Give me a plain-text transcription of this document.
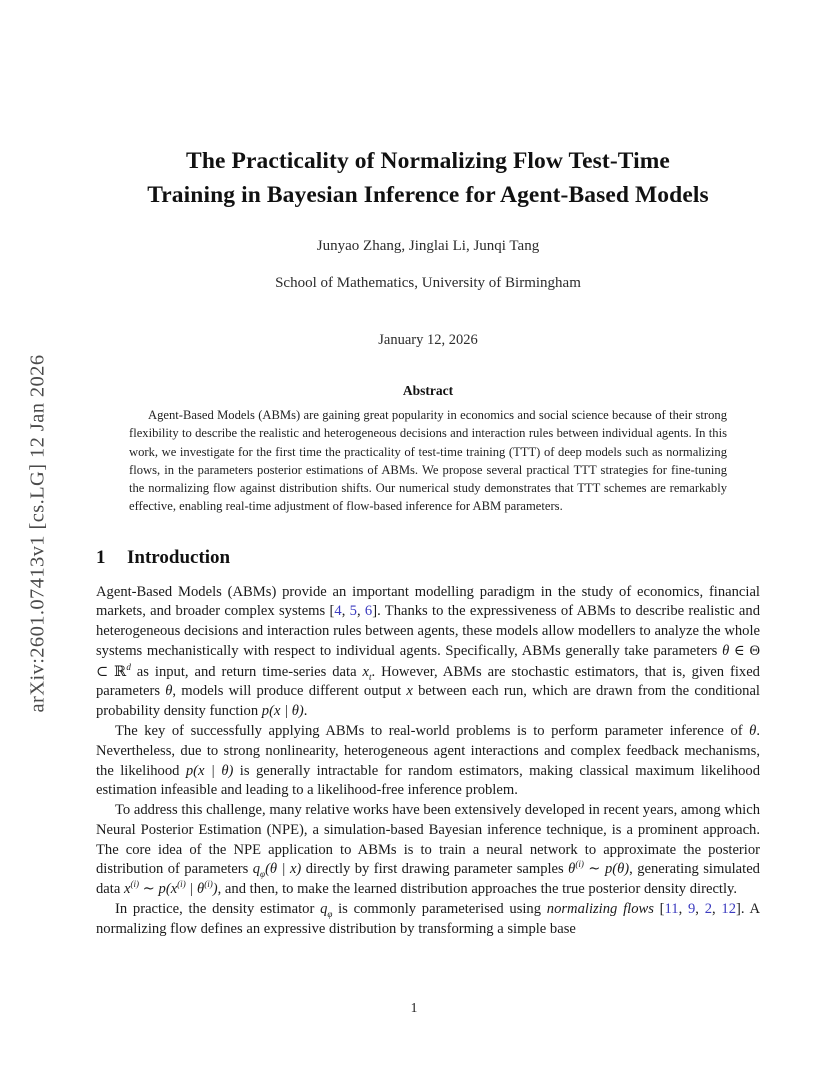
arXiv:2601.07413v1 [cs.LG] 12 Jan 2026
The Practicality of Normalizing Flow Test-Time
Training in Bayesian Inference for Agent-Based Models
Junyao Zhang, Jinglai Li, Junqi Tang
School of Mathematics, University of Birmingham
January 12, 2026
Abstract
Agent-Based Models (ABMs) are gaining great popularity in economics and social science because of their strong flexibility to describe the realistic and heterogeneous decisions and interaction rules between individual agents. In this work, we investigate for the first time the practicality of test-time training (TTT) of deep models such as normalizing flows, in the parameters posterior estimations of ABMs. We propose several practical TTT strategies for fine-tuning the normalizing flow against distribution shifts. Our numerical study demonstrates that TTT schemes are remarkably effective, enabling real-time adjustment of flow-based inference for ABM parameters.
1 Introduction

Agent-Based Models (ABMs) provide an important modelling paradigm in the study of economics, financial markets, and broader complex systems [4, 5, 6]. Thanks to the expressiveness of ABMs to describe realistic and heterogeneous decisions and interaction rules between agents, these models allow modellers to analyze the whole systems mechanistically with respect to individual agents. Specifically, ABMs generally take parameters θ ∈ Θ ⊂ ℝ$^d$ as input, and return time-series data $x_t$. However, ABMs are stochastic estimators, that is, given fixed parameters θ, models will produce different output x between each run, which are drawn from the conditional probability density function p(x | θ).

The key of successfully applying ABMs to real-world problems is to perform parameter inference of θ. Nevertheless, due to strong nonlinearity, heterogeneous agent interactions and complex feedback mechanisms, the likelihood p(x | θ) is generally intractable for random estimators, making classical maximum likelihood estimation infeasible and leading to a likelihood-free inference problem.

To address this challenge, many relative works have been extensively developed in recent years, among which Neural Posterior Estimation (NPE), a simulation-based Bayesian inference technique, is a prominent approach. The core idea of the NPE application to ABMs is to train a neural network to approximate the posterior distribution of parameters $q_\varphi(\theta$ | x) directly by first drawing parameter samples $\theta^{(i)}$ ∼ p(θ), generating simulated data $x^{(i)}$ ∼ $p(x^{(i)}$ | $\theta^{(i)}$), and then, to make the learned distribution approaches the true posterior density directly.

In practice, the density estimator $q_\varphi$ is commonly parameterised using normalizing flows [11, 9, 2, 12]. A normalizing flow defines an expressive distribution by transforming a simple base

1
